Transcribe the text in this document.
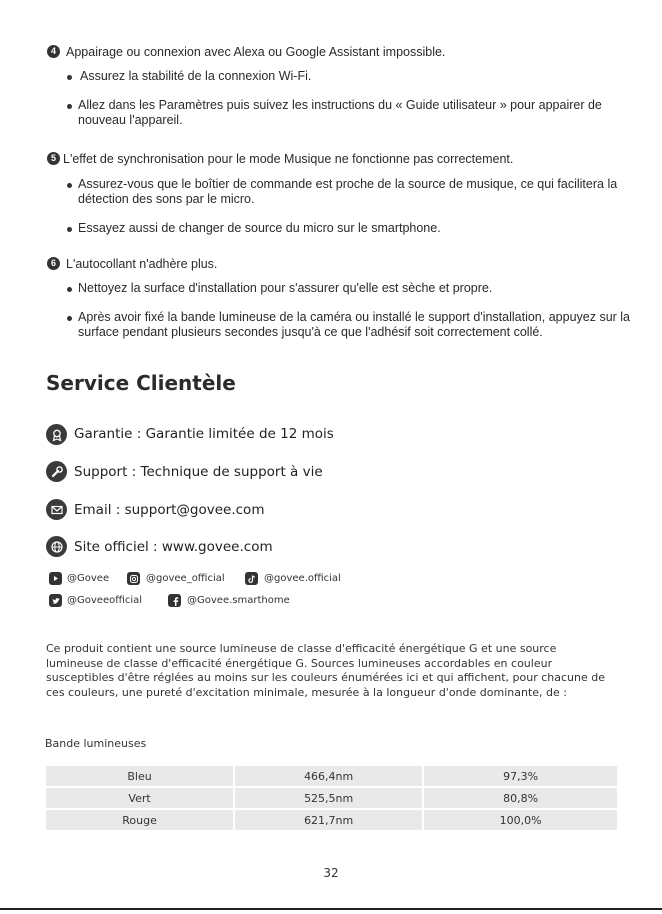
4 Appairage ou connexion avec Alexa ou Google Assistant impossible.
Assurez la stabilité de la connexion Wi-Fi.
Allez dans les Paramètres puis suivez les instructions du « Guide utilisateur » pour appairer de nouveau l'appareil.
5 L'effet de synchronisation pour le mode Musique ne fonctionne pas correctement.
Assurez-vous que le boîtier de commande est proche de la source de musique, ce qui facilitera la détection des sons par le micro.
Essayez aussi de changer de source du micro sur le smartphone.
6 L'autocollant n'adhère plus.
Nettoyez la surface d'installation pour s'assurer qu'elle est sèche et propre.
Après avoir fixé la bande lumineuse de la caméra ou installé le support d'installation, appuyez sur la surface pendant plusieurs secondes jusqu'à ce que l'adhésif soit correctement collé.
Service Clientèle
Garantie : Garantie limitée de 12 mois
Support : Technique de support à vie
Email : support@govee.com
Site officiel : www.govee.com
@Govee	@govee_official	@govee.official
@Goveeofficial	@Govee.smarthome
Ce produit contient une source lumineuse de classe d'efficacité énergétique G et une source lumineuse de classe d'efficacité énergétique G. Sources lumineuses accordables en couleur susceptibles d'être réglées au moins sur les couleurs énumérées ici et qui affichent, pour chacune de ces couleurs, une pureté d'excitation minimale, mesurée à la longueur d'onde dominante, de :
Bande lumineuses
Bleu	466,4nm	97,3%
Vert	525,5nm	80,8%
Rouge	621,7nm	100,0%
32
